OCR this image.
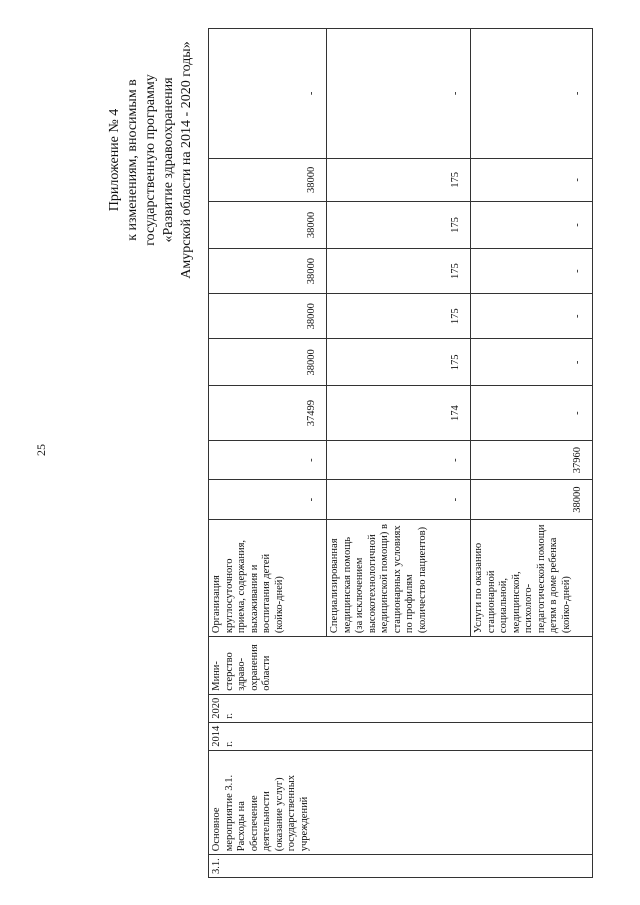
25
Приложение № 4 к изменениям, вносимым в государственную программу «Развитие здравоохранения Амурской области на 2014 - 2020 годы»
3.1.	Основное мероприятие 3.1. Расходы на обеспечение деятельности (оказание услуг) государственных учреждений	2014 г.	2020 г.	Мини-стерство здраво-охранения области	Организация круглосуточного приема, содержания, выхаживания и воспитания детей (койко-дней)	-	-	37499	38000	38000	38000	38000	38000	-
					Специализированная медицинская помощь (за исключением высокотехнологичной медицинской помощи) в стационарных условиях по профилям (количество пациентов)	-	-	174	175	175	175	175	175	-
					Услуги по оказанию стационарной социальной, медицинской, психолого-педагогической помощи детям в доме ребенка (койко-дней)	38000	37960	-	-	-	-	-	-	-
